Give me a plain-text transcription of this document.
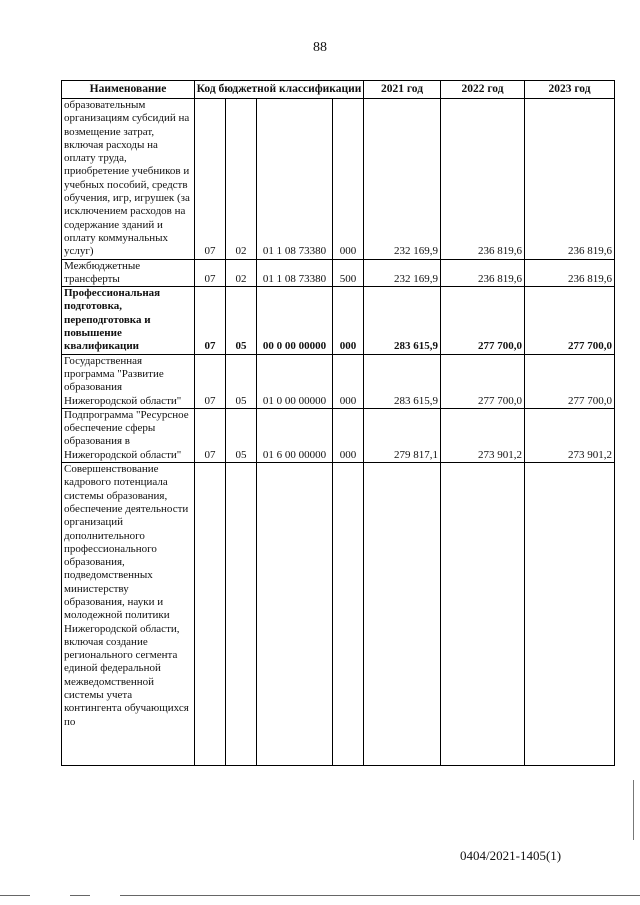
88
Наименование	Код бюджетной классификации				2021 год	2022 год	2023 год
образовательным организациям субсидий на возмещение затрат, включая расходы на оплату труда, приобретение учебников и учебных пособий, средств обучения, игр, игрушек (за исключением расходов на содержание зданий и оплату коммунальных услуг)	07	02	01 1 08 73380	000	232 169,9	236 819,6	236 819,6
Межбюджетные трансферты	07	02	01 1 08 73380	500	232 169,9	236 819,6	236 819,6
Профессиональная подготовка, переподготовка и повышение квалификации	07	05	00 0 00 00000	000	283 615,9	277 700,0	277 700,0
Государственная программа "Развитие образования Нижегородской области"	07	05	01 0 00 00000	000	283 615,9	277 700,0	277 700,0
Подпрограмма "Ресурсное обеспечение сферы образования в Нижегородской области"	07	05	01 6 00 00000	000	279 817,1	273 901,2	273 901,2
Совершенствование кадрового потенциала системы образования, обеспечение деятельности организаций дополнительного профессионального образования, подведомственных министерству образования, науки и молодежной политики Нижегородской области, включая создание регионального сегмента единой федеральной межведомственной системы учета контингента обучающихся по							
0404/2021-1405(1)
